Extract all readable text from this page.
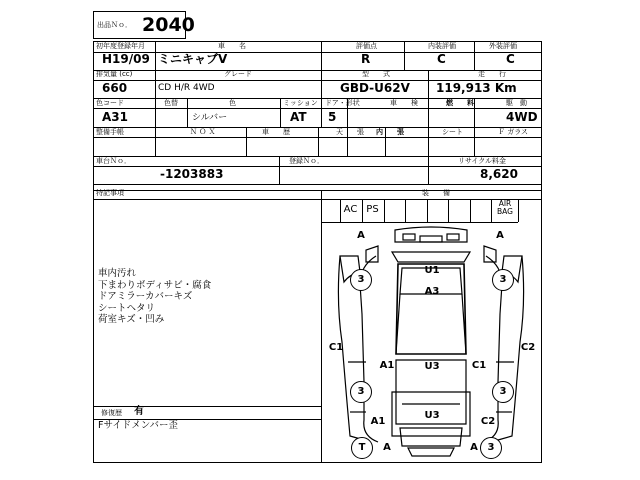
出品Ｎｏ． 2040
初年度登録年月	車　　名	評価点	内装評価	外装評価
H19/09 ミニキャブV	R	C	C
排気量 (cc)	グレード	型　　式	走　　行
660	CD H/R 4WD	GBD-U62V 119,913 Km
色コード	色替	色	ミッション ドア・形状	車　　検	燃　　料	駆　動
A31	シルバー	AT 5	4WD
整備手帳	Ｎ Ｏ Ｘ	車　　歴	天　　張 内　　張	シート	Ｆ ガラス
車台Ｎｏ．	登録Ｎｏ．	リサイクル料金
-1203883	8,620
特記事項	装　　備
AC PS
AIR
BAG
車内汚れ
下まわりボディサビ・腐食
ドアミラーカバーキズ
シートヘタリ
荷室キズ・凹み
修復歴 有
Fサイドメンバー歪
A	A
U1
A3
C1	C2
A1	U3	C1
U3
A1	C2
A	A
3	3
3	3
T	3
